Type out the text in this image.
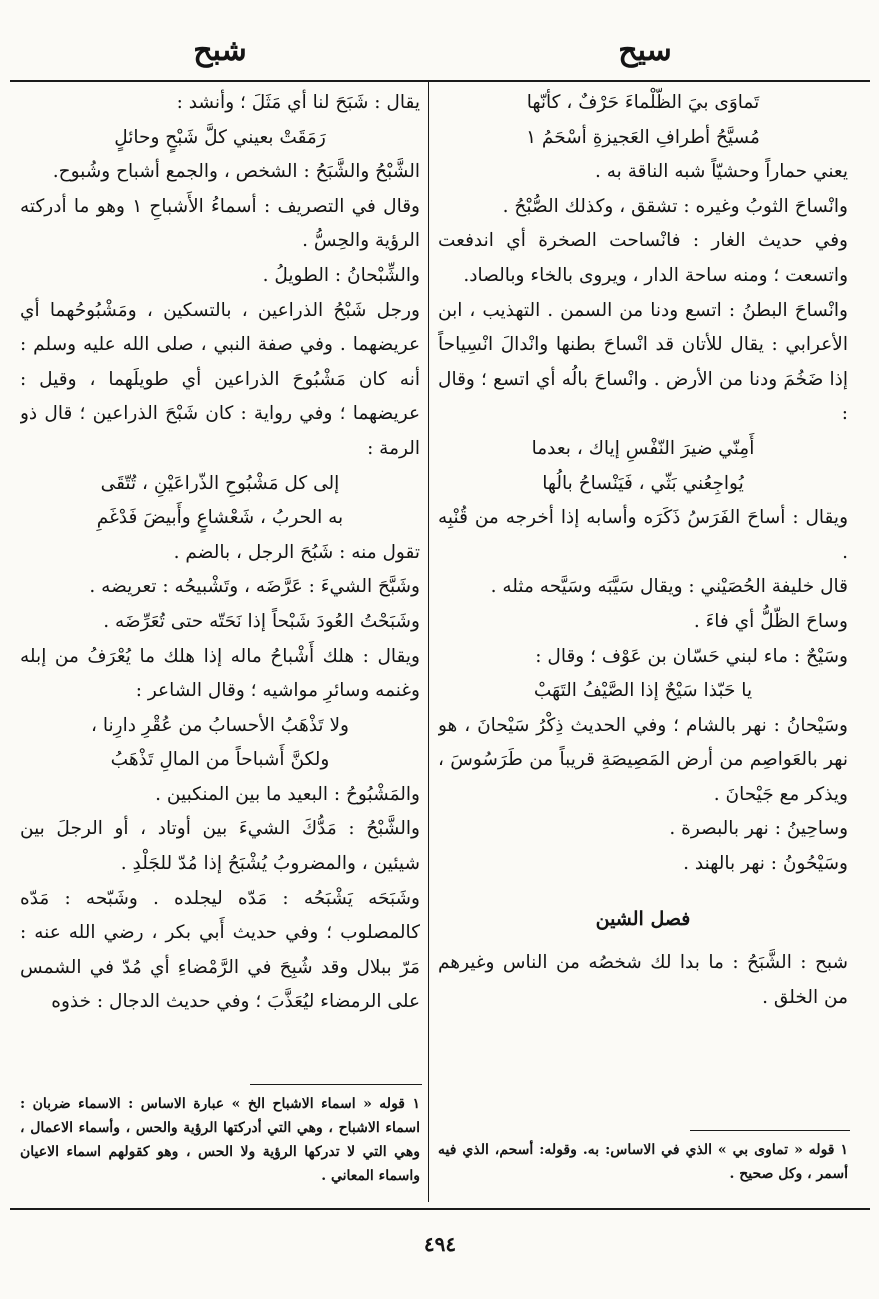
سيح
شبح

تَماوَى بيَ الظّلْماءَ حَرْفٌ ، كأنّها

مُسيَّحُ أطرافِ العَجيزةِ أسْحَمُ ١

يعني حماراً وحشيّاً شبه الناقة به .

وانْساحَ الثوبُ وغيره : تشقق ، وكذلك الصُّبْحُ .

وفي حديث الغار : فانْساحت الصخرة أي اندفعت واتسعت ؛ ومنه ساحة الدار ، ويروى بالخاء وبالصاد.

وانْساحَ البطنُ : اتسع ودنا من السمن . التهذيب ، ابن الأعرابي : يقال للأتان قد انْساحَ بطنها وانْدالَ انْسِياحاً إذا ضَخُمَ ودنا من الأرض . وانْساحَ بالُه أي اتسع ؛ وقال :

أَمِنّي ضيرَ النّفْسِ إياك ، بعدما

يُواجِعُني بَثّي ، فَيَنْساحُ بالُها

ويقال : أساحَ الفَرَسُ ذَكَرَه وأسابه إذا أخرجه من قُنْبِه .

قال خليفة الحُصَيْني : ويقال سَيَّبَه وسَيَّحه مثله .

وساحَ الظّلُّ أي فاءَ .

وسَيْحٌ : ماء لبني حَسّان بن عَوْف ؛ وقال :

يا حَبّذا سَيْحٌ إذا الصَّيْفُ التَهَبْ

وسَيْحانُ : نهر بالشام ؛ وفي الحديث ذِكْرُ سَيْحانَ ، هو نهر بالعَواصِم من أرض المَصِيصَةِ قريباً من طَرَسُوسَ ، ويذكر مع جَيْحانَ .

وساحِينُ : نهر بالبصرة .

وسَيْحُونُ : نهر بالهند .

فصل الشين

شبح : الشَّبَحُ : ما بدا لك شخصُه من الناس وغيرهم من الخلق .

يقال : شَبَحَ لنا أي مَثَلَ ؛ وأنشد :

رَمَقَتْ بعيني كلَّ شَبْحٍ وحائلٍ

الشَّبْحُ والشَّبَحُ : الشخص ، والجمع أشباح وشُبوح.

وقال في التصريف : أسماءُ الأَشباحِ ١ وهو ما أدركته الرؤية والحِسُّ .

والشِّبْحانُ : الطويلُ .

ورجل شَبْحُ الذراعين ، بالتسكين ، ومَشْبُوحُهما أي عريضهما . وفي صفة النبي ، صلى الله عليه وسلم : أنه كان مَشْبُوحَ الذراعين أي طويلَهما ، وقيل : عريضهما ؛ وفي رواية : كان شَبْحَ الذراعين ؛ قال ذو الرمة :

إلى كل مَشْبُوحِ الذّراعَيْنِ ، تُتّقَى

به الحربُ ، شَعْشاعٍ وأَبيضَ فَدْغَمِ

تقول منه : شَبُحَ الرجل ، بالضم .

وشَبَّحَ الشيءَ : عَرَّضَه ، وتَشْبيحُه : تعريضه .

وشَبَحْتُ العُودَ شَبْحاً إذا نَحَتّه حتى تُعَرِّضَه .

ويقال : هلك أَشْباحُ ماله إذا هلك ما يُعْرَفُ من إبله وغنمه وسائرِ مواشيه ؛ وقال الشاعر :

ولا تَذْهَبُ الأحسابُ من عُقْرِ دارِنا ،

ولكنَّ أَشباحاً من المالِ تَذْهَبُ

والمَشْبُوحُ : البعيد ما بين المنكبين .

والشَّبْحُ : مَدُّكَ الشيءَ بين أوتاد ، أو الرجلَ بين شيئين ، والمضروبُ يُشْبَحُ إذا مُدّ للجَلْدِ .

وشَبَحَه يَشْبَحُه : مَدّه ليجلده . وشَبّحه : مَدّه كالمصلوب ؛ وفي حديث أَبي بكر ، رضي الله عنه : مَرّ ببلال وقد شُبِحَ في الرَّمْضاءِ أي مُدّ في الشمس على الرمضاء ليُعَذَّبَ ؛ وفي حديث الدجال : خذوه

١ قوله « تماوى بي » الذي في الاساس: به. وقوله: أسحم، الذي فيه أسمر ، وكل صحيح .
١ قوله « اسماء الاشباح الخ » عبارة الاساس : الاسماء ضربان : اسماء الاشباح ، وهي التي أدركتها الرؤية والحس ، وأسماء الاعمال ، وهي التي لا تدركها الرؤية ولا الحس ، وهو كقولهم اسماء الاعيان واسماء المعاني .
٤٩٤
